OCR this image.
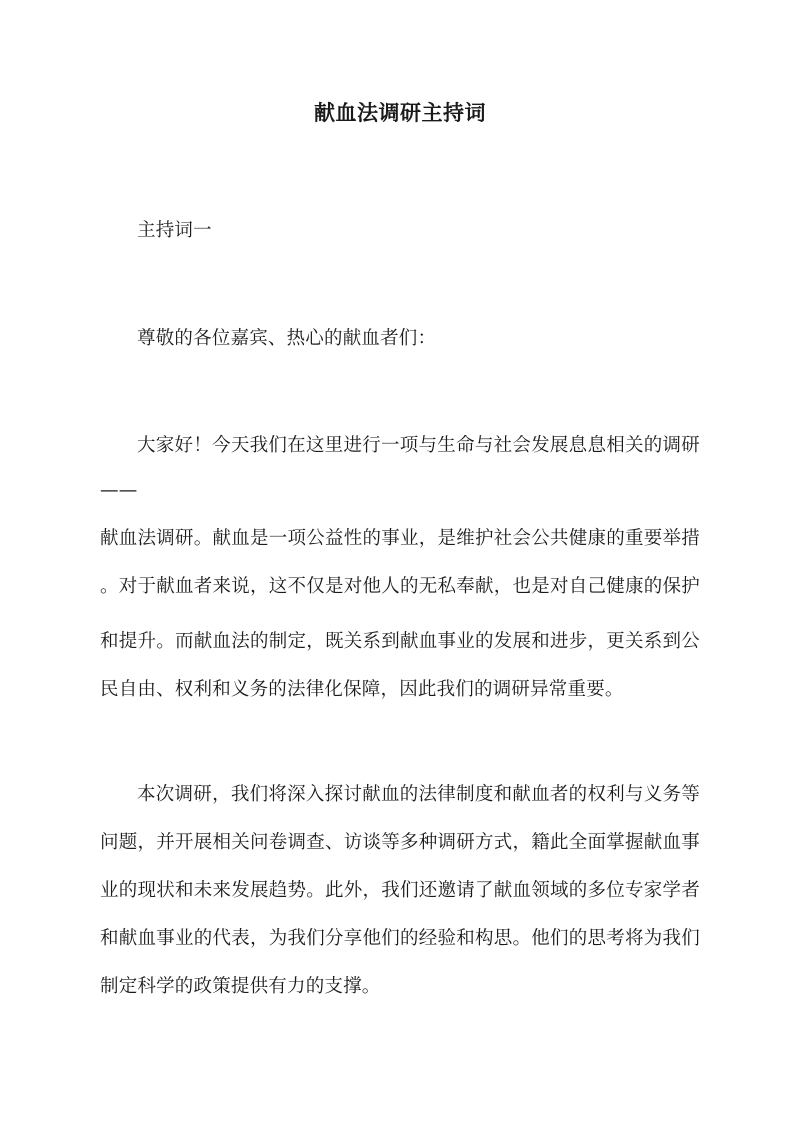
献血法调研主持词
主持词一
尊敬的各位嘉宾、热心的献血者们：
大家好！今天我们在这里进行一项与生命与社会发展息息相关的调研
——
献血法调研。献血是一项公益性的事业，是维护社会公共健康的重要举措
。对于献血者来说，这不仅是对他人的无私奉献，也是对自己健康的保护
和提升。而献血法的制定，既关系到献血事业的发展和进步，更关系到公
民自由、权利和义务的法律化保障，因此我们的调研异常重要。
本次调研，我们将深入探讨献血的法律制度和献血者的权利与义务等
问题，并开展相关问卷调查、访谈等多种调研方式，籍此全面掌握献血事
业的现状和未来发展趋势。此外，我们还邀请了献血领域的多位专家学者
和献血事业的代表，为我们分享他们的经验和构思。他们的思考将为我们
制定科学的政策提供有力的支撑。
